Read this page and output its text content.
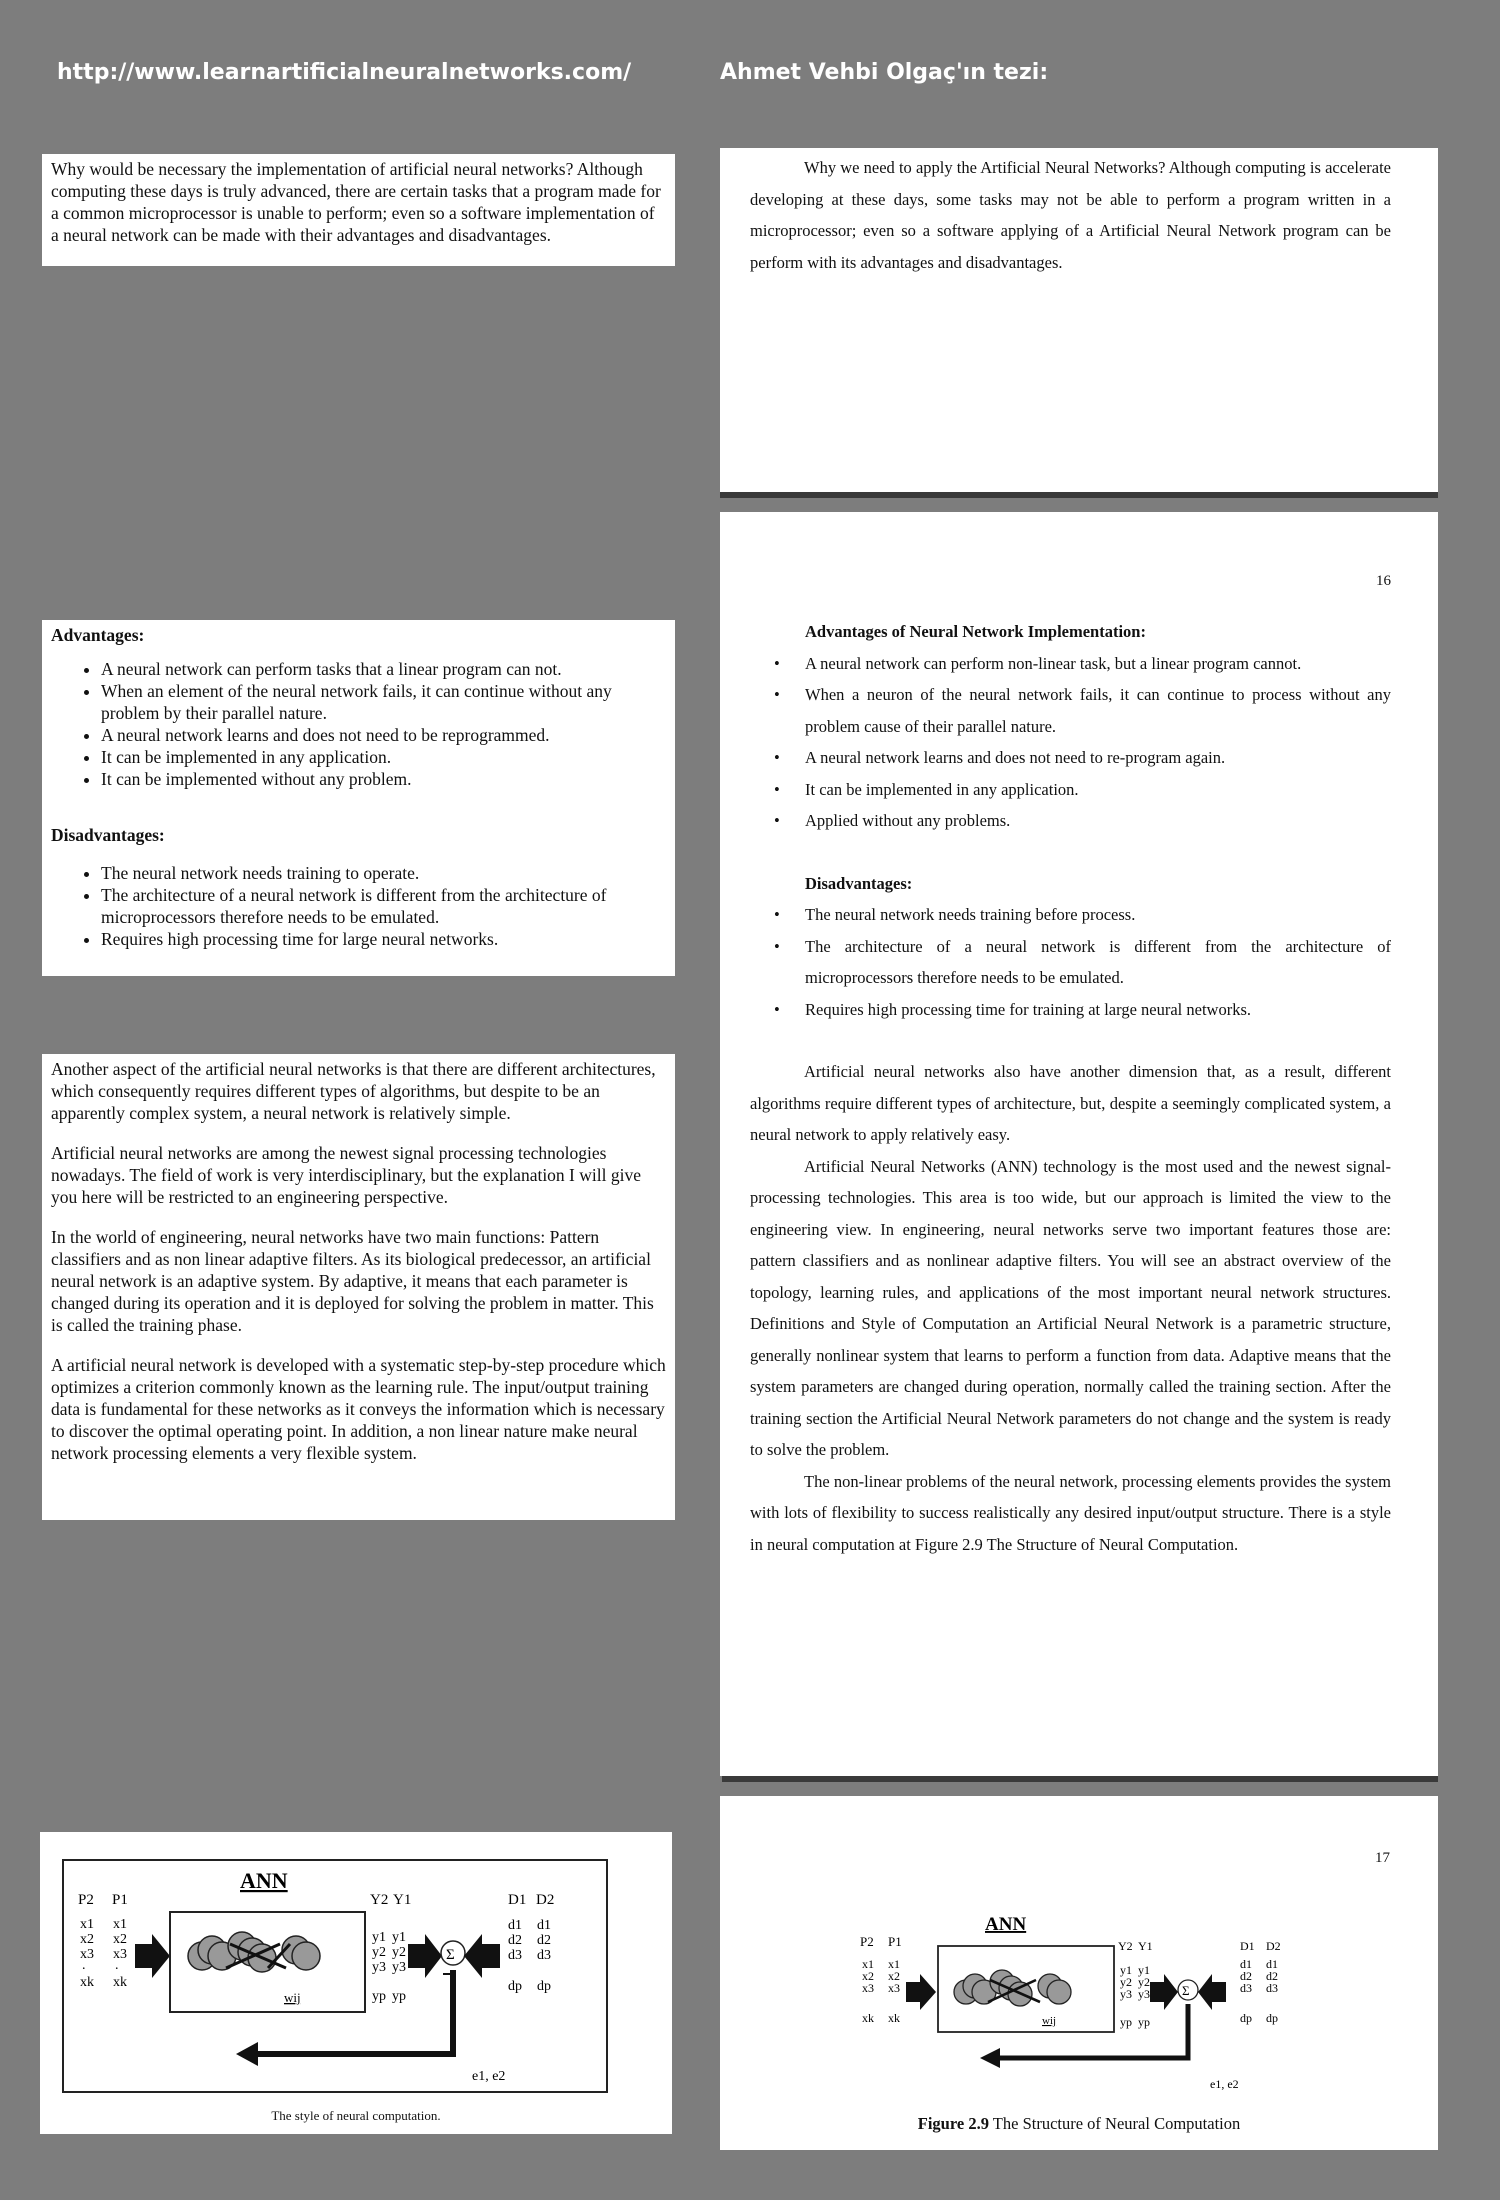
http://www.learnartificialneuralnetworks.com/	Ahmet Vehbi Olgaç'ın tezi:

Why would be necessary the implementation of artificial neural networks? Although computing these days is truly advanced, there are certain tasks that a program made for a common microprocessor is unable to perform; even so a software implementation of a neural network can be made with their advantages and disadvantages.

Advantages:
• A neural network can perform tasks that a linear program can not.
• When an element of the neural network fails, it can continue without any problem by their parallel nature.
• A neural network learns and does not need to be reprogrammed.
• It can be implemented in any application.
• It can be implemented without any problem.
Disadvantages:
• The neural network needs training to operate.
• The architecture of a neural network is different from the architecture of microprocessors therefore needs to be emulated.
• Requires high processing time for large neural networks.

Another aspect of the artificial neural networks is that there are different architectures, which consequently requires different types of algorithms, but despite to be an apparently complex system, a neural network is relatively simple.

Artificial neural networks are among the newest signal processing technologies nowadays. The field of work is very interdisciplinary, but the explanation I will give you here will be restricted to an engineering perspective.

In the world of engineering, neural networks have two main functions: Pattern classifiers and as non linear adaptive filters. As its biological predecessor, an artificial neural network is an adaptive system. By adaptive, it means that each parameter is changed during its operation and it is deployed for solving the problem in matter. This is called the training phase.

A artificial neural network is developed with a systematic step-by-step procedure which optimizes a criterion commonly known as the learning rule. The input/output training data is fundamental for these networks as it conveys the information which is necessary to discover the optimal operating point. In addition, a non linear nature make neural network processing elements a very flexible system.

ANN
P2 P1
x1
x2
x3
.
xk
x1
x2
x3
.
xk
wij
Y2 Y1
y1
y2
y3
yp
y1
y2
y3
yp
Σ
D1 D2
d1
d2
d3
dp
d1
d2
d3
dp
e1, e2
The style of neural computation.

Why we need to apply the Artificial Neural Networks? Although computing is accelerate developing at these days, some tasks may not be able to perform a program written in a microprocessor; even so a software applying of a Artificial Neural Network program can be perform with its advantages and disadvantages.

16

Advantages of Neural Network Implementation:

• A neural network can perform non-linear task, but a linear program cannot.
• When a neuron of the neural network fails, it can continue to process without any problem cause of their parallel nature.
• A neural network learns and does not need to re-program again.
• It can be implemented in any application.
• Applied without any problems.

Disadvantages:

• The neural network needs training before process.
• The architecture of a neural network is different from the architecture of microprocessors therefore needs to be emulated.
• Requires high processing time for training at large neural networks.

Artificial neural networks also have another dimension that, as a result, different algorithms require different types of architecture, but, despite a seemingly complicated system, a neural network to apply relatively easy.

Artificial Neural Networks (ANN) technology is the most used and the newest signal-processing technologies. This area is too wide, but our approach is limited the view to the engineering view. In engineering, neural networks serve two important features those are: pattern classifiers and as nonlinear adaptive filters. You will see an abstract overview of the topology, learning rules, and applications of the most important neural network structures. Definitions and Style of Computation an Artificial Neural Network is a parametric structure, generally nonlinear system that learns to perform a function from data. Adaptive means that the system parameters are changed during operation, normally called the training section. After the training section the Artificial Neural Network parameters do not change and the system is ready to solve the problem.

The non-linear problems of the neural network, processing elements provides the system with lots of flexibility to success realistically any desired input/output structure. There is a style in neural computation at Figure 2.9 The Structure of Neural Computation.

17
ANN
P2 P1
x1
x2
x3
xk
x1
x2
x3
xk	wij
Y2 Y1
y1
y2
y3
yp
y1
y2
y3
yp
Σ
D1 D2
d1
d2
d3
dp
d1
d2
d3
dp
e1, e2
Figure 2.9 The Structure of Neural Computation
